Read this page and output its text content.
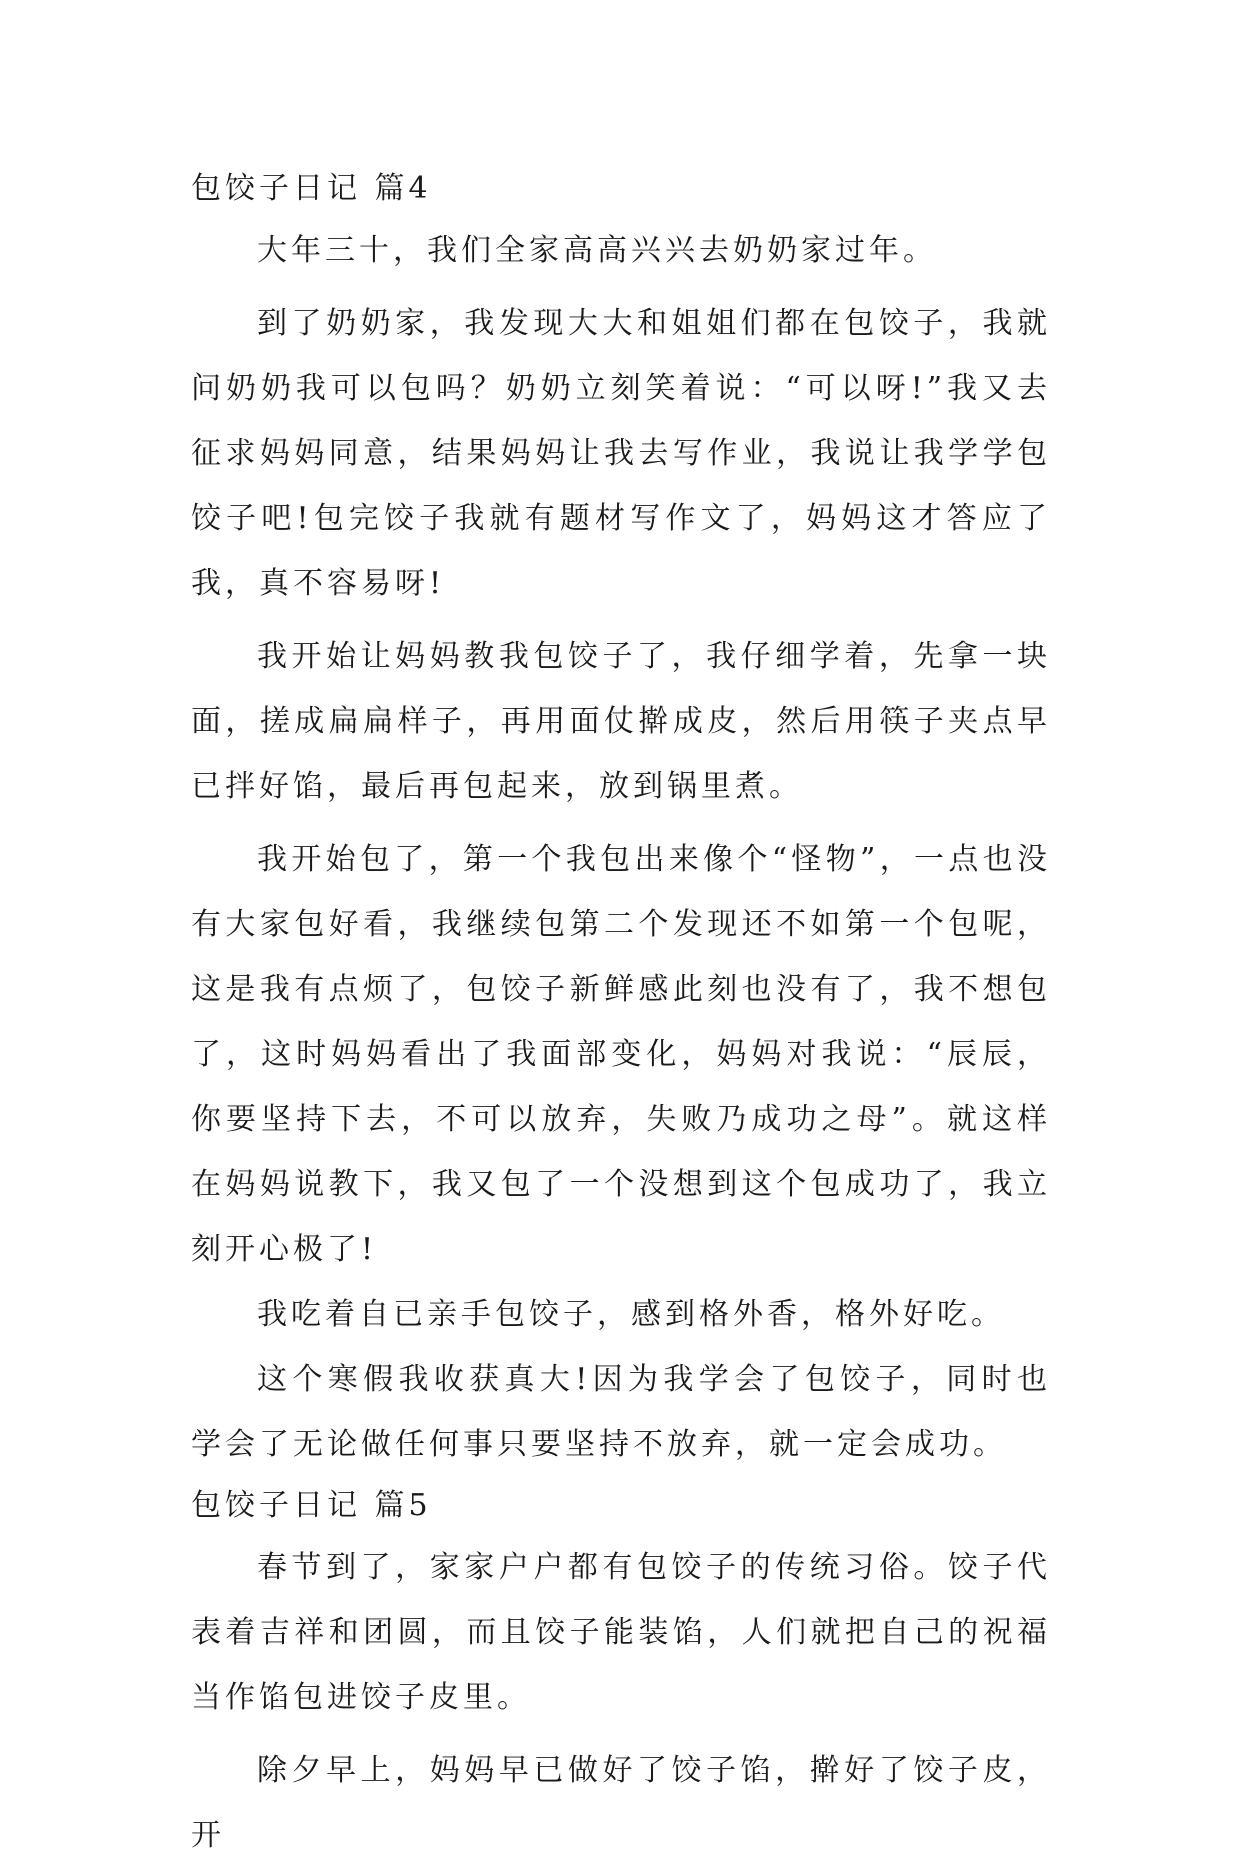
包饺子日记 篇4

大年三十，我们全家高高兴兴去奶奶家过年。

到了奶奶家，我发现大大和姐姐们都在包饺子，我就问奶奶我可以包吗？奶奶立刻笑着说：“可以呀!”我又去征求妈妈同意，结果妈妈让我去写作业，我说让我学学包饺子吧!包完饺子我就有题材写作文了，妈妈这才答应了我，真不容易呀!

我开始让妈妈教我包饺子了，我仔细学着，先拿一块面，搓成扁扁样子，再用面仗擀成皮，然后用筷子夹点早已拌好馅，最后再包起来，放到锅里煮。

我开始包了，第一个我包出来像个“怪物”，一点也没有大家包好看，我继续包第二个发现还不如第一个包呢，这是我有点烦了，包饺子新鲜感此刻也没有了，我不想包了，这时妈妈看出了我面部变化，妈妈对我说：“辰辰，你要坚持下去，不可以放弃，失败乃成功之母”。就这样在妈妈说教下，我又包了一个没想到这个包成功了，我立刻开心极了!

我吃着自已亲手包饺子，感到格外香，格外好吃。

这个寒假我收获真大!因为我学会了包饺子，同时也学会了无论做任何事只要坚持不放弃，就一定会成功。

包饺子日记 篇5

春节到了，家家户户都有包饺子的传统习俗。饺子代表着吉祥和团圆，而且饺子能装馅，人们就把自己的祝福当作馅包进饺子皮里。

除夕早上，妈妈早已做好了饺子馅，擀好了饺子皮，开
